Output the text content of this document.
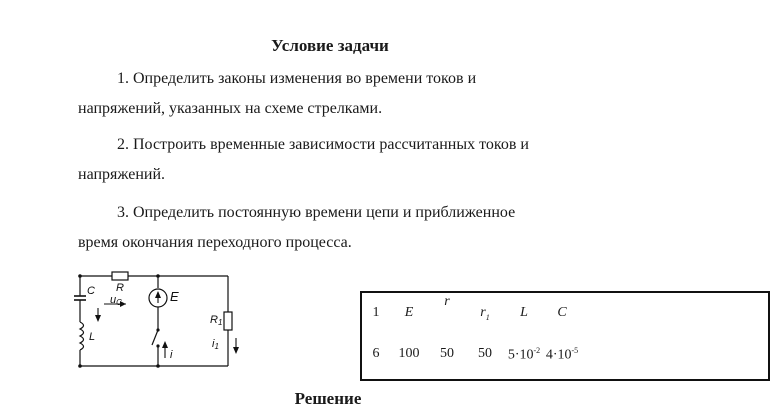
Условие задачи
1. Определить законы изменения во времени токов и
напряжений, указанных на схеме стрелками.
2. Построить временные зависимости рассчитанных токов и
напряжений.
3. Определить постоянную времени цепи и приближенное
время окончания переходного процесса.
C R
uC	E
L
R1
i
i1
1 E
r
$r_1$ L C
6 100 50 50 $5\cdot 10^{-2}$ $4\cdot 10^{-5}$
Решение
